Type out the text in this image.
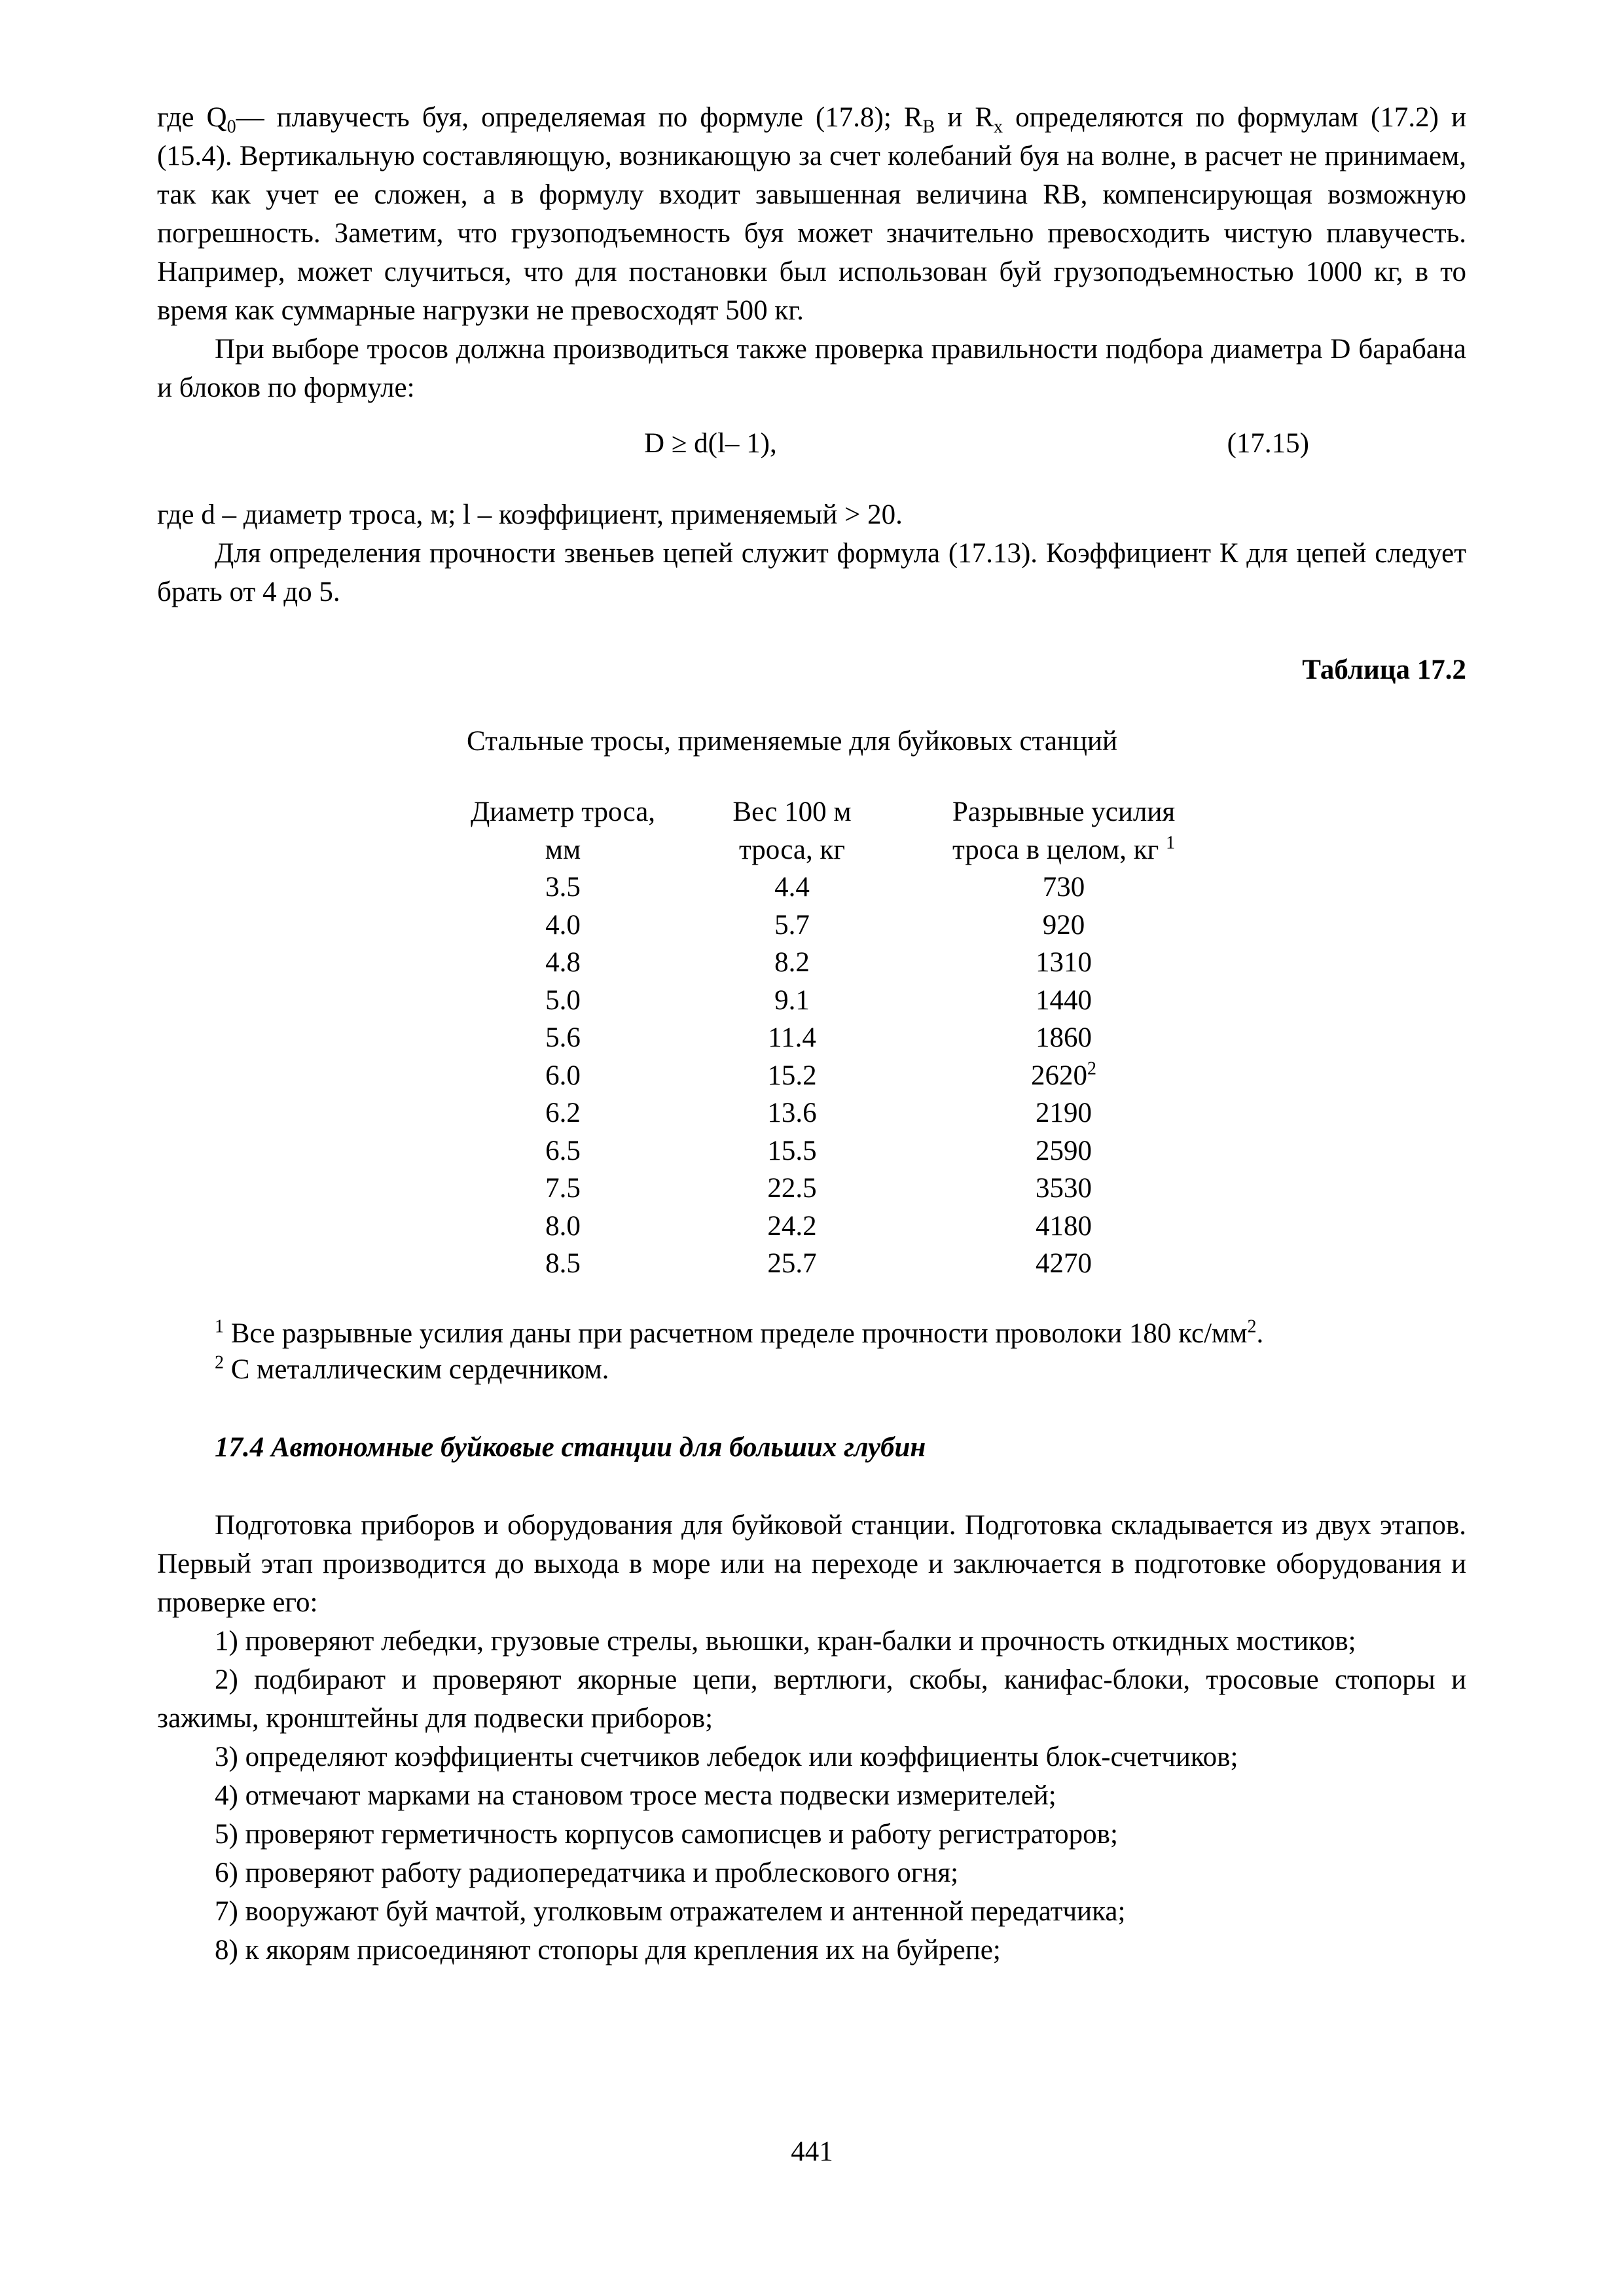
где $Q_0—$ плавучесть буя, определяемая по формуле (17.8); $R_B$ и $R_x$ определяются по формулам (17.2) и (15.4). Вертикальную составляющую, возникающую за счет колебаний буя на волне, в расчет не принимаем, так как учет ее сложен, а в формулу входит завышенная величина RB, компенсирующая возможную погрешность. Заметим, что грузоподъемность буя может значительно превосходить чистую плавучесть. Например, может случиться, что для постановки был использован буй грузоподъемностью 1000 кг, в то время как суммарные нагрузки не превосходят 500 кг.

При выборе тросов должна производиться также проверка правильности подбора диаметра D барабана и блоков по формуле:

D ≥ d(l– 1),	(17.15)

где d – диаметр троса, м; l – коэффициент, применяемый > 20.

Для определения прочности звеньев цепей служит формула (17.13). Коэффициент К для цепей следует брать от 4 до 5.

Таблица 17.2
Стальные тросы, применяемые для буйковых станций
Диаметр троса,	Вес 100 м	Разрывные усилия
мм	троса, кг	троса в целом, кг $^1$
3.5	4.4	730
4.0	5.7	920
4.8	8.2	1310
5.0	9.1	1440
5.6	11.4	1860
6.0	15.2	2620$^2$
6.2	13.6	2190
6.5	15.5	2590
7.5	22.5	3530
8.0	24.2	4180
8.5	25.7	4270
$^1$ Все разрывные усилия даны при расчетном пределе прочности проволоки 180 $кс/мм^2$.
$^2$ С металлическим сердечником.
17.4 Автономные буйковые станции для больших глубин

Подготовка приборов и оборудования для буйковой станции. Подготовка складывается из двух этапов. Первый этап производится до выхода в море или на переходе и заключается в подготовке оборудования и проверке его:

1) проверяют лебедки, грузовые стрелы, вьюшки, кран-балки и прочность откидных мостиков;

2) подбирают и проверяют якорные цепи, вертлюги, скобы, канифас-блоки, тросовые стопоры и зажимы, кронштейны для подвески приборов;

3) определяют коэффициенты счетчиков лебедок или коэффициенты блок-счетчиков;

4) отмечают марками на становом тросе места подвески измерителей;

5) проверяют герметичность корпусов самописцев и работу регистраторов;

6) проверяют работу радиопередатчика и проблескового огня;

7) вооружают буй мачтой, уголковым отражателем и антенной передатчика;

8) к якорям присоединяют стопоры для крепления их на буйрепе;

441
